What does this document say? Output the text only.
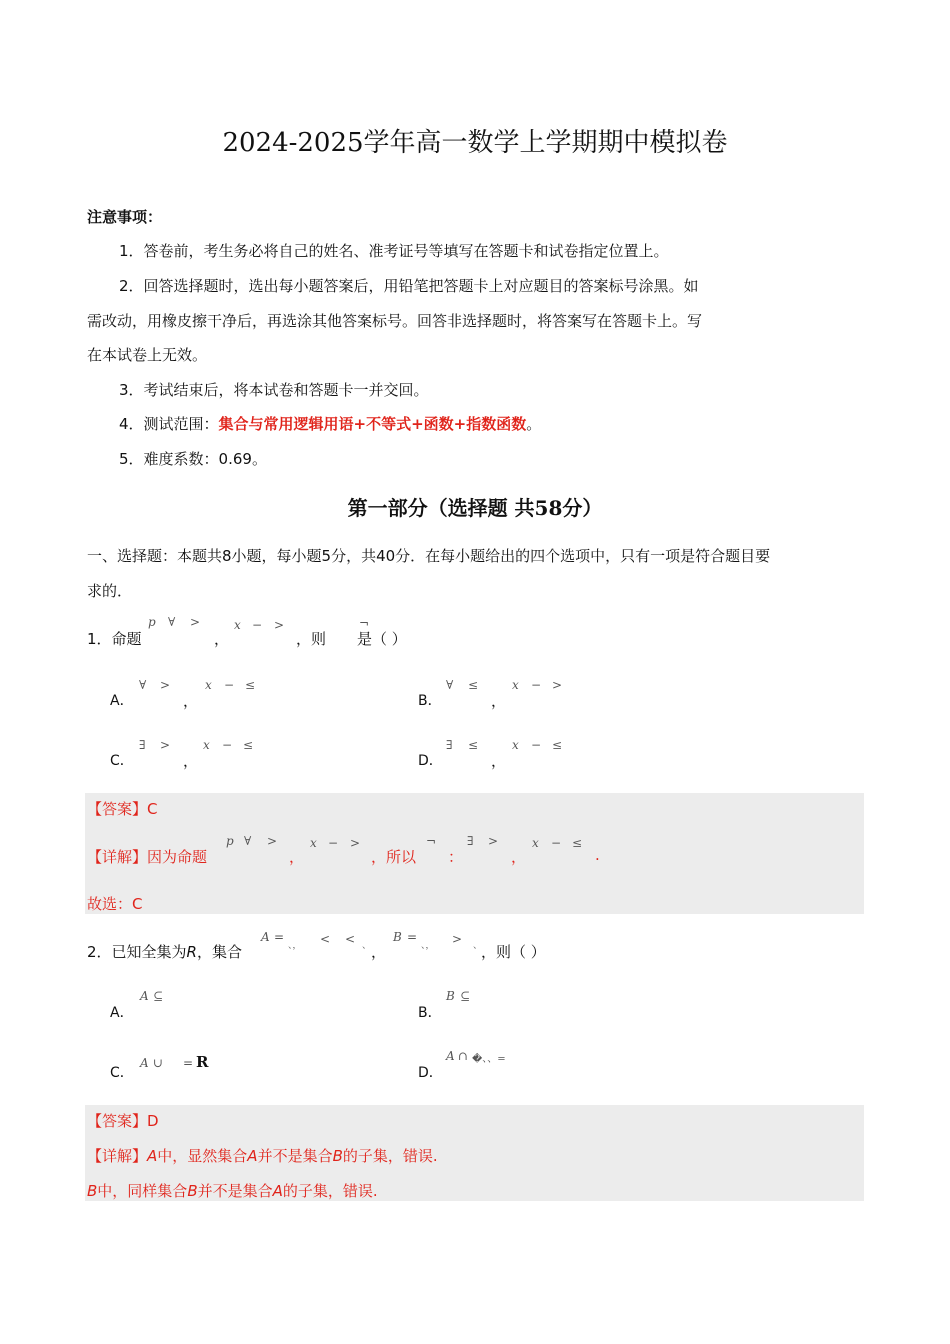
2024-2025学年高一数学上学期期中模拟卷
注意事项：
1．答卷前，考生务必将自己的姓名、准考证号等填写在答题卡和试卷指定位置上。
2．回答选择题时，选出每小题答案后，用铅笔把答题卡上对应题目的答案标号涂黑。如
需改动，用橡皮擦干净后，再选涂其他答案标号。回答非选择题时，将答案写在答题卡上。写
在本试卷上无效。
3．考试结束后，将本试卷和答题卡一并交回。
4．测试范围：集合与常用逻辑用语+不等式+函数+指数函数。
5．难度系数：0.69。
第一部分（选择题 共58分）
一、选择题：本题共8小题，每小题5分，共40分．在每小题给出的四个选项中，只有一项是符合题目要
求的．
1．命题
p ∀ >
，
x − >
，则
¬
是（ ）
A．
∀ >
，
x − ≤
B．
∀ ≤
，
x − >
C．
∃ >
，
x − ≤
D．
∃ ≤
，
x − ≤
【答案】C
【详解】因为命题
p ∀ >
，
x − >
，所以
¬
：
∃ >
，
x − ≤
.
故选：C
2．已知全集为R，集合
A =
、， < < 、 ，
B =
、， > 、
，则（ ）
A．
A ⊆
B．
B ⊆
C．
A ∪ = R
D．
A ∩ �、、=
【答案】D
【详解】A中，显然集合A并不是集合B的子集，错误.
B中，同样集合B并不是集合A的子集，错误.
